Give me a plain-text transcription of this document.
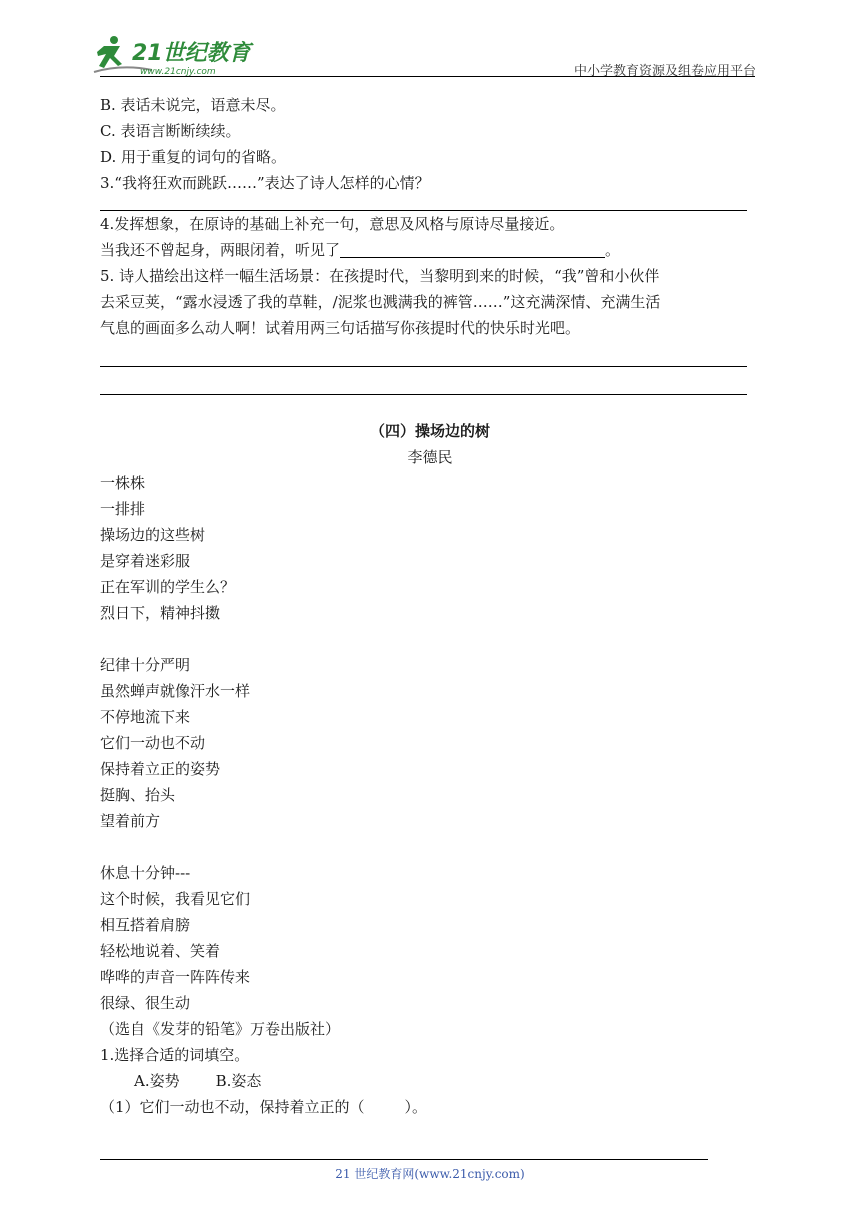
21世纪教育
www.21cnjy.com	中小学教育资源及组卷应用平台
B. 表话未说完，语意未尽。
C. 表语言断断续续。
D. 用于重复的词句的省略。
3.“我将狂欢而跳跃……”表达了诗人怎样的心情？
4.发挥想象，在原诗的基础上补充一句，意思及风格与原诗尽量接近。
当我还不曾起身，两眼闭着，听见了	。
5. 诗人描绘出这样一幅生活场景：在孩提时代，当黎明到来的时候，“我”曾和小伙伴
去采豆荚，“露水浸透了我的草鞋，/泥浆也溅满我的裤管……”这充满深情、充满生活
气息的画面多么动人啊！试着用两三句话描写你孩提时代的快乐时光吧。
（四）操场边的树
李德民
一株株
一排排
操场边的这些树
是穿着迷彩服
正在军训的学生么？
烈日下，精神抖擞
纪律十分严明
虽然蝉声就像汗水一样
不停地流下来
它们一动也不动
保持着立正的姿势
挺胸、抬头
望着前方
休息十分钟---
这个时候，我看见它们
相互搭着肩膀
轻松地说着、笑着
哗哗的声音一阵阵传来
很绿、很生动
（选自《发芽的铅笔》万卷出版社）
1.选择合适的词填空。
A.姿势 B.姿态
（1）它们一动也不动，保持着立正的（	）。
21 世纪教育网(www.21cnjy.com)
